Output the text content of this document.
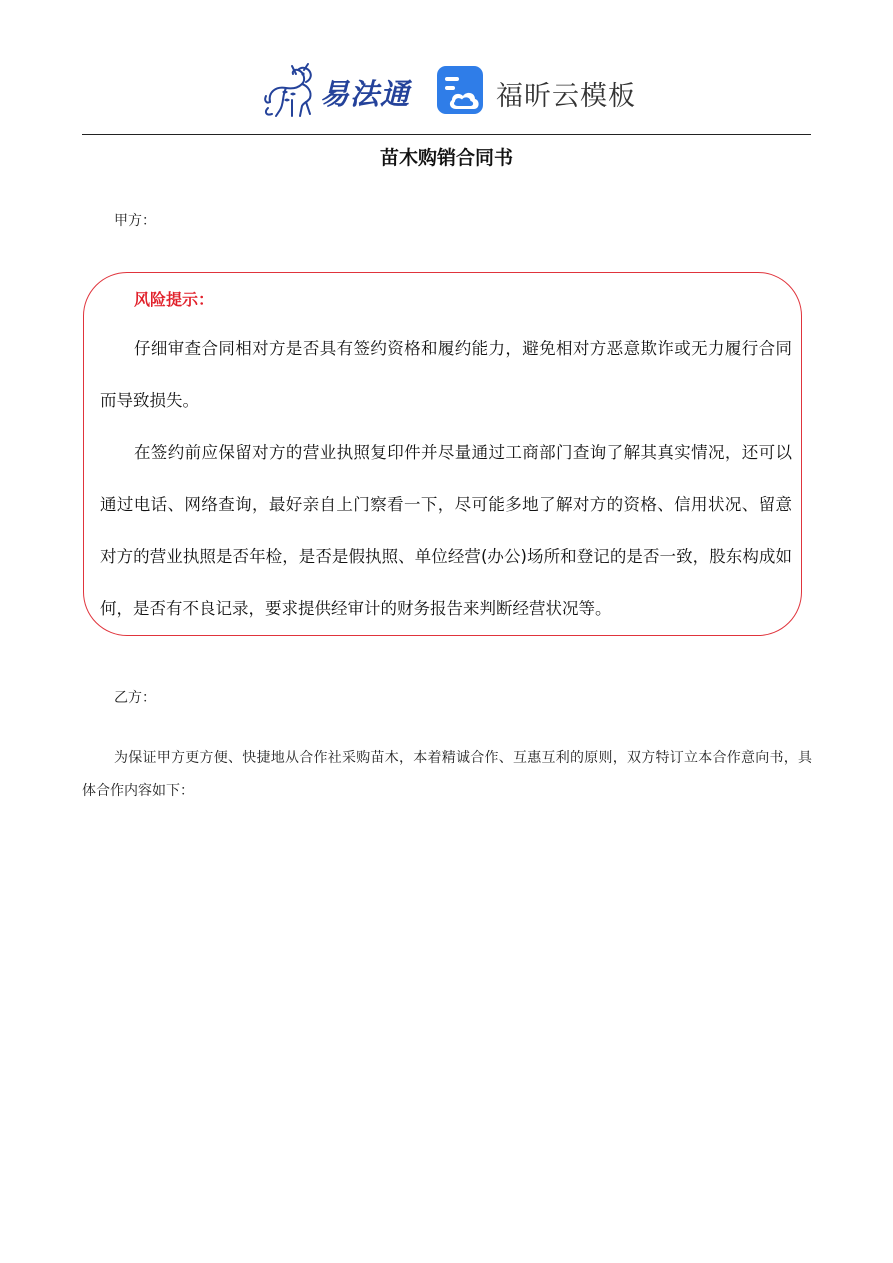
易法通	福昕云模板
苗木购销合同书
甲方：
风险提示：

仔细审查合同相对方是否具有签约资格和履约能力，避免相对方恶意欺诈或无力履行合同而导致损失。

在签约前应保留对方的营业执照复印件并尽量通过工商部门查询了解其真实情况，还可以通过电话、网络查询，最好亲自上门察看一下，尽可能多地了解对方的资格、信用状况、留意对方的营业执照是否年检，是否是假执照、单位经营(办公)场所和登记的是否一致，股东构成如何，是否有不良记录，要求提供经审计的财务报告来判断经营状况等。

乙方：

为保证甲方更方便、快捷地从合作社采购苗木，本着精诚合作、互惠互利的原则，双方特订立本合作意向书，具体合作内容如下：
